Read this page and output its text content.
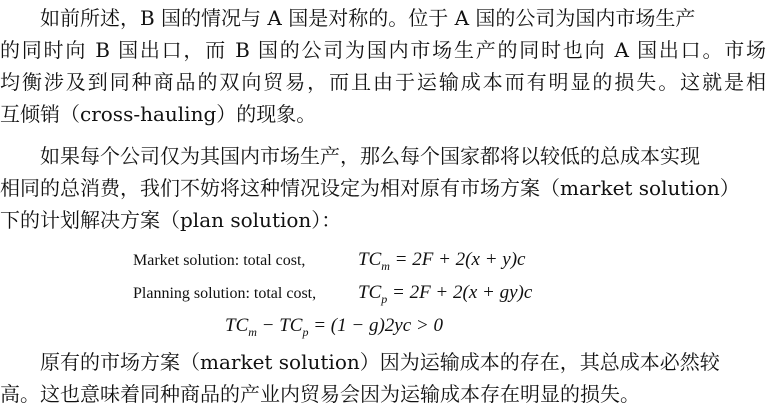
如前所述，B 国的情况与 A 国是对称的。位于 A 国的公司为国内市场生产
的同时向 B 国出口，而 B 国的公司为国内市场生产的同时也向 A 国出口。市场
均衡涉及到同种商品的双向贸易，而且由于运输成本而有明显的损失。这就是相
互倾销（cross-hauling）的现象。
如果每个公司仅为其国内市场生产，那么每个国家都将以较低的总成本实现
相同的总消费，我们不妨将这种情况设定为相对原有市场方案（market solution）
下的计划解决方案（plan solution）：
Market solution: total cost,	$TC_m = 2F + 2(x + y)c$
Planning solution: total cost, $TC_p = 2F + 2(x + gy)c$
$TC_m - TC_p = (1 - g)2yc > 0$
原有的市场方案（market solution）因为运输成本的存在，其总成本必然较
高。这也意味着同种商品的产业内贸易会因为运输成本存在明显的损失。
